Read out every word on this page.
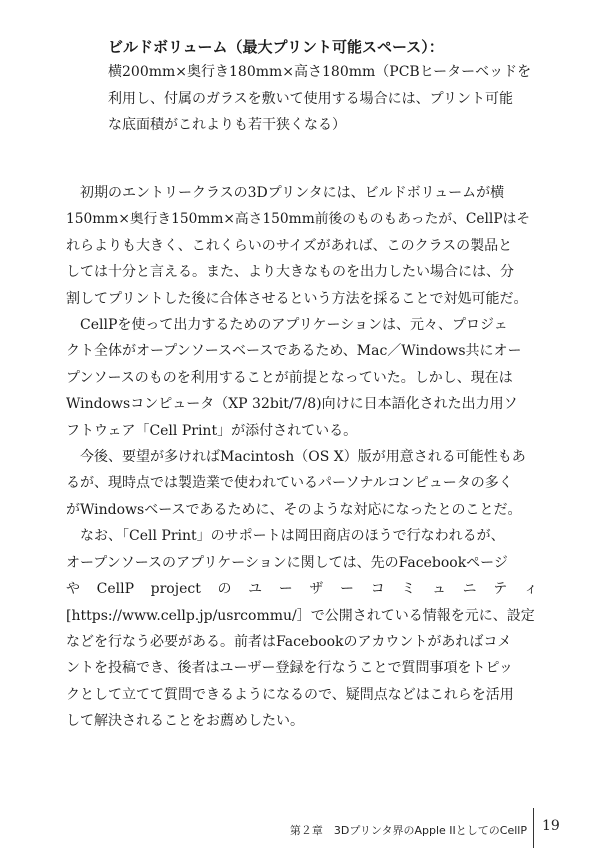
ビルドボリューム（最大プリント可能スペース）：
横200mm×奥行き180mm×高さ180mm（PCBヒーターベッドを
利用し、付属のガラスを敷いて使用する場合には、プリント可能
な底面積がこれよりも若干狭くなる）
　初期のエントリークラスの3Dプリンタには、ビルドボリュームが横
150mm×奥行き150mm×高さ150mm前後のものもあったが、CellPはそ
れらよりも大きく、これくらいのサイズがあれば、このクラスの製品と
しては十分と言える。また、より大きなものを出力したい場合には、分
割してプリントした後に合体させるという方法を採ることで対処可能だ。
　CellPを使って出力するためのアプリケーションは、元々、プロジェ
クト全体がオープンソースベースであるため、Mac／Windows共にオー
プンソースのものを利用することが前提となっていた。しかし、現在は
Windowsコンピュータ（XP 32bit/7/8)向けに日本語化された出力用ソ
フトウェア「Cell Print」が添付されている。
　今後、要望が多ければMacintosh（OS X）版が用意される可能性もあ
るが、現時点では製造業で使われているパーソナルコンピュータの多く
がWindowsベースであるために、そのような対応になったとのことだ。
　なお、「Cell Print」のサポートは岡田商店のほうで行なわれるが、
オープンソースのアプリケーションに関しては、先のFacebookページ
や CellP project の ユ ー ザ ー コ ミ ュ ニ テ ィ
[https://www.cellp.jp/usrcommu/］で公開されている情報を元に、設定
などを行なう必要がある。前者はFacebookのアカウントがあればコメ
ントを投稿でき、後者はユーザー登録を行なうことで質問事項をトピッ
クとして立てて質問できるようになるので、疑問点などはこれらを活用
して解決されることをお薦めしたい。
第２章　3Dプリンタ界のApple IIとしてのCellP 19
